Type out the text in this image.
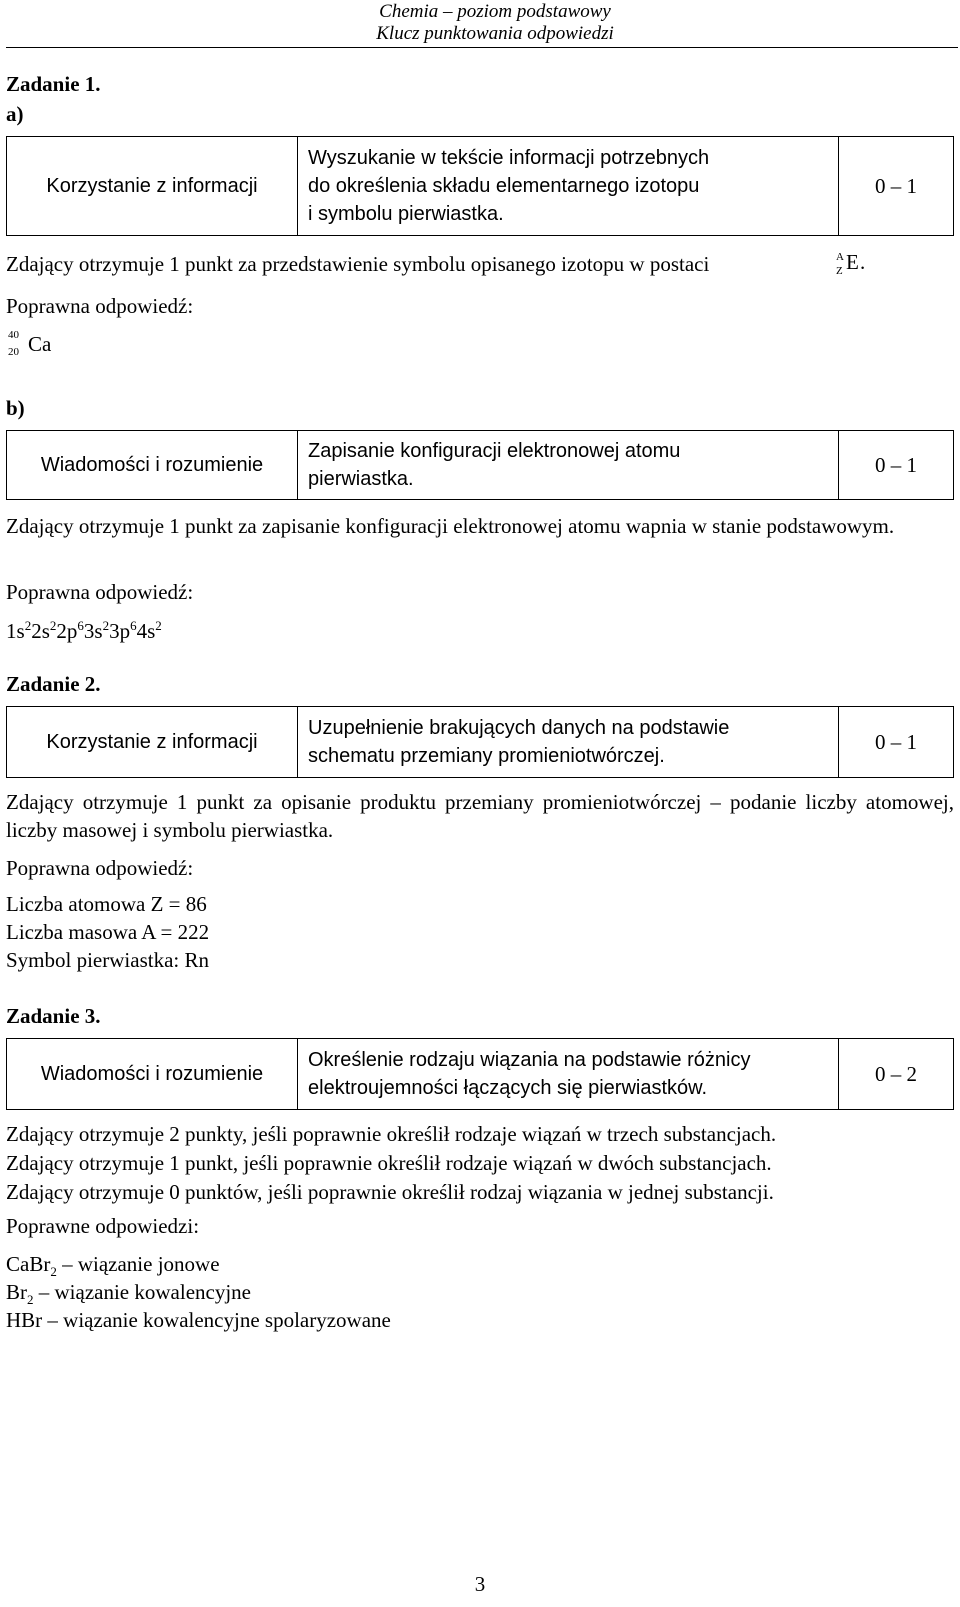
Chemia – poziom podstawowy
Klucz punktowania odpowiedzi
Zadanie 1.
a)
Korzystanie z informacji	
Wyszukanie w tekście informacji potrzebnych
do określenia składu elementarnego izotopu
i symbolu pierwiastka.
	0 – 1
Zdający otrzymuje 1 punkt za przedstawienie symbolu opisanego izotopu w postaci	A
Z E .
Poprawna odpowiedź:
40
20 Ca
b)
Wiadomości i rozumienie	
Zapisanie konfiguracji elektronowej atomu
pierwiastka.
	0 – 1
Zdający otrzymuje 1 punkt za zapisanie konfiguracji elektronowej atomu wapnia w stanie podstawowym.
Poprawna odpowiedź:
$1s^22s^22p^63s^23p^64s^2$
Zadanie 2.
Korzystanie z informacji	
Uzupełnienie brakujących danych na podstawie
schematu przemiany promieniotwórczej.
	0 – 1
Zdający otrzymuje 1 punkt za opisanie produktu przemiany promieniotwórczej – podanie liczby atomowej, liczby masowej i symbolu pierwiastka.
Poprawna odpowiedź:
Liczba atomowa Z = 86
Liczba masowa A = 222
Symbol pierwiastka: Rn
Zadanie 3.
Wiadomości i rozumienie	
Określenie rodzaju wiązania na podstawie różnicy
elektroujemności łączących się pierwiastków.
	0 – 2
Zdający otrzymuje 2 punkty, jeśli poprawnie określił rodzaje wiązań w trzech substancjach.
Zdający otrzymuje 1 punkt, jeśli poprawnie określił rodzaje wiązań w dwóch substancjach.
Zdający otrzymuje 0 punktów, jeśli poprawnie określił rodzaj wiązania w jednej substancji.
Poprawne odpowiedzi:
CaBr$_2$ – wiązanie jonowe
$Br_2$ – wiązanie kowalencyjne
HBr – wiązanie kowalencyjne spolaryzowane
3
